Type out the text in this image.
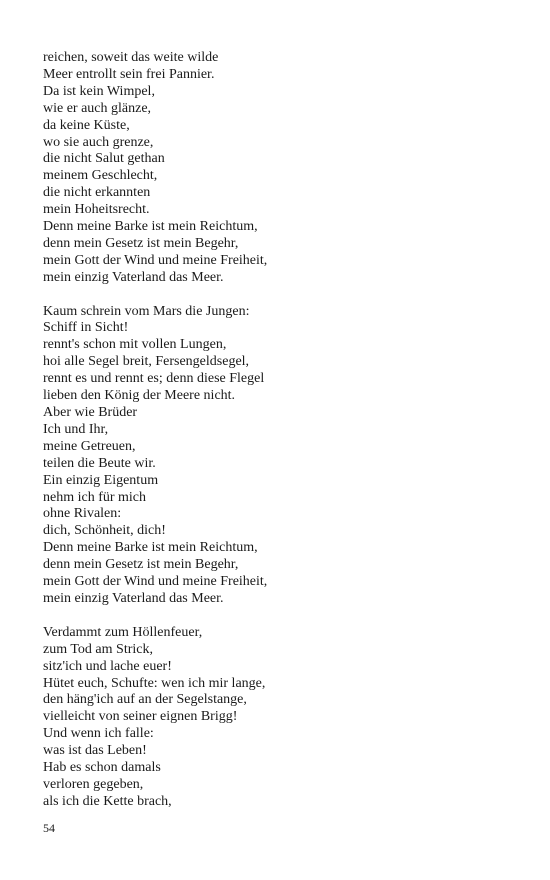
reichen, soweit das weite wilde
Meer entrollt sein frei Pannier.
Da ist kein Wimpel,
wie er auch glänze,
da keine Küste,
wo sie auch grenze,
die nicht Salut gethan
meinem Geschlecht,
die nicht erkannten
mein Hoheitsrecht.
Denn meine Barke ist mein Reichtum,
denn mein Gesetz ist mein Begehr,
mein Gott der Wind und meine Freiheit,
mein einzig Vaterland das Meer.
Kaum schrein vom Mars die Jungen:
Schiff in Sicht!
rennt's schon mit vollen Lungen,
hoi alle Segel breit, Fersengeldsegel,
rennt es und rennt es; denn diese Flegel
lieben den König der Meere nicht.
Aber wie Brüder
Ich und Ihr,
meine Getreuen,
teilen die Beute wir.
Ein einzig Eigentum
nehm ich für mich
ohne Rivalen:
dich, Schönheit, dich!
Denn meine Barke ist mein Reichtum,
denn mein Gesetz ist mein Begehr,
mein Gott der Wind und meine Freiheit,
mein einzig Vaterland das Meer.
Verdammt zum Höllenfeuer,
zum Tod am Strick,
sitz'ich und lache euer!
Hütet euch, Schufte: wen ich mir lange,
den häng'ich auf an der Segelstange,
vielleicht von seiner eignen Brigg!
Und wenn ich falle:
was ist das Leben!
Hab es schon damals
verloren gegeben,
als ich die Kette brach,
54
